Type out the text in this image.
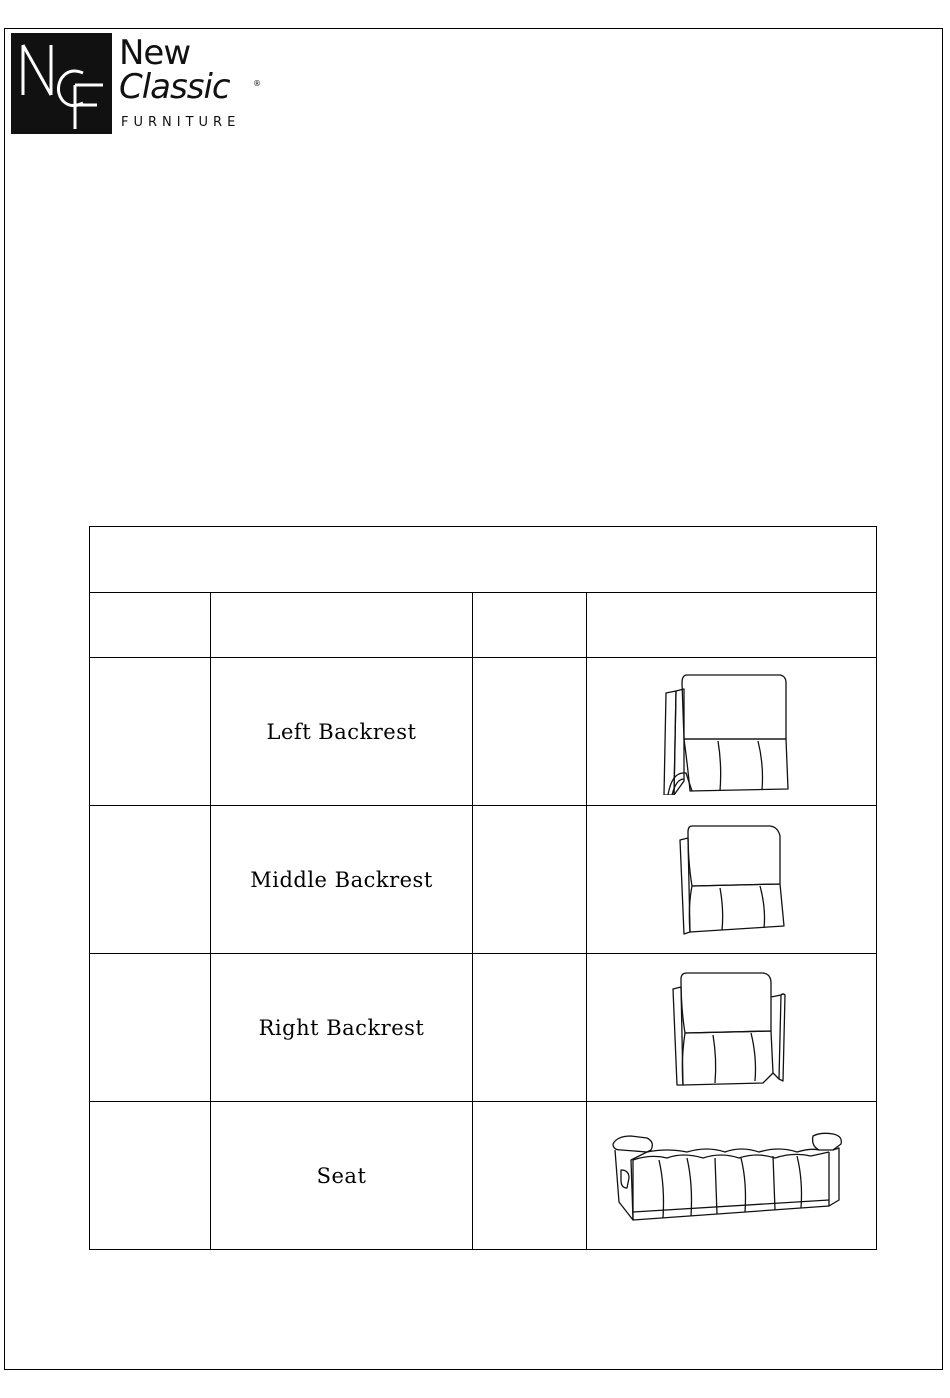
New
Classic	®
FURNITURE

	Left Backrest		

	Middle Backrest		

	Right Backrest		

	Seat		
